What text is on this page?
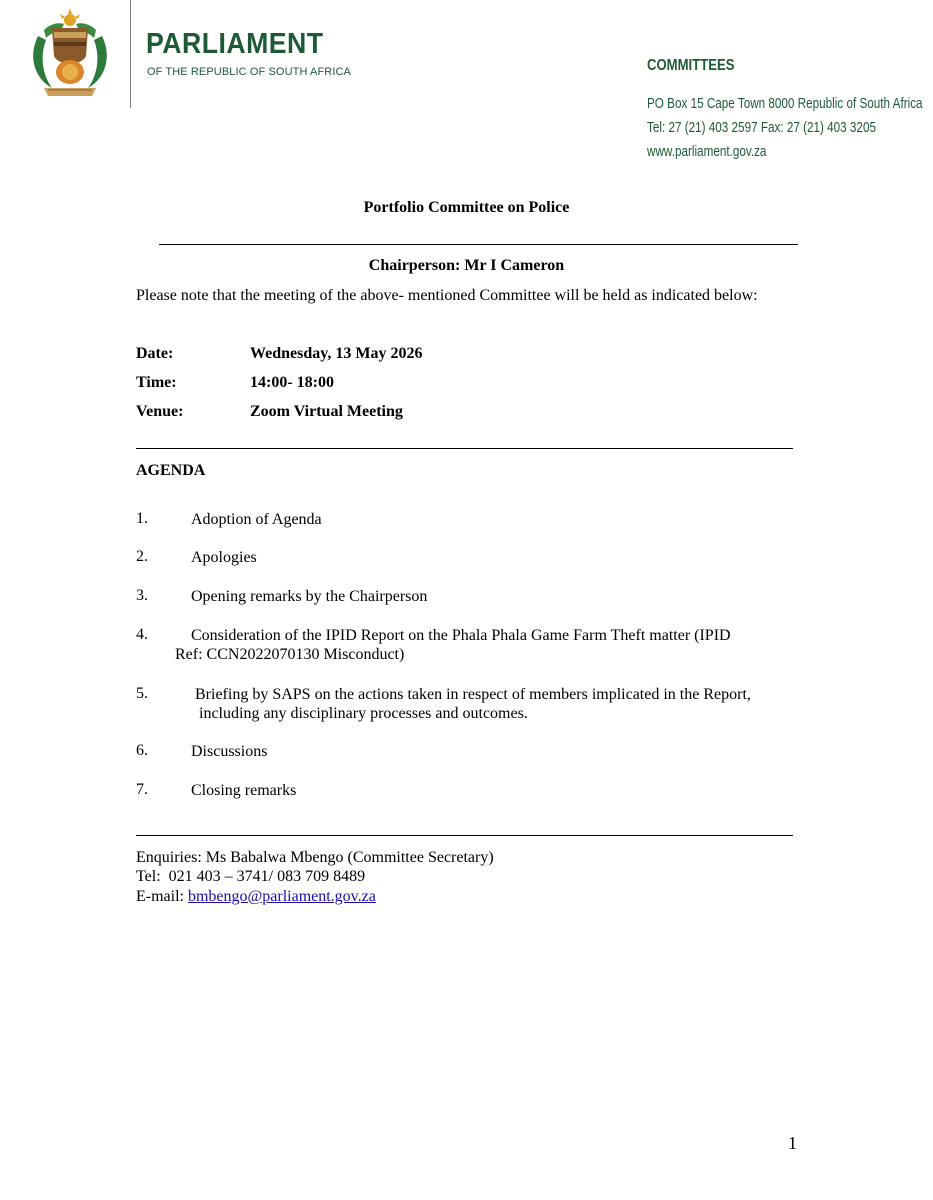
PARLIAMENT
OF THE REPUBLIC OF SOUTH AFRICA	COMMITTEES
PO Box 15 Cape Town 8000 Republic of South Africa
Tel: 27 (21) 403 2597 Fax: 27 (21) 403 3205
www.parliament.gov.za
Portfolio Committee on Police
Chairperson: Mr I Cameron
Please note that the meeting of the above- mentioned Committee will be held as indicated below:
Date:	Wednesday, 13 May 2026
Time:	14:00- 18:00
Venue:	Zoom Virtual Meeting
AGENDA
1.	Adoption of Agenda
2.	Apologies
3.	Opening remarks by the Chairperson
4.	Consideration of the IPID Report on the Phala Phala Game Farm Theft matter (IPID
Ref: CCN2022070130 Misconduct)
5.	Briefing by SAPS on the actions taken in respect of members implicated in the Report,
including any disciplinary processes and outcomes.
6.	Discussions
7.	Closing remarks
Enquiries: Ms Babalwa Mbengo (Committee Secretary)
Tel:  021 403 – 3741/ 083 709 8489
E-mail: bmbengo@parliament.gov.za
1
